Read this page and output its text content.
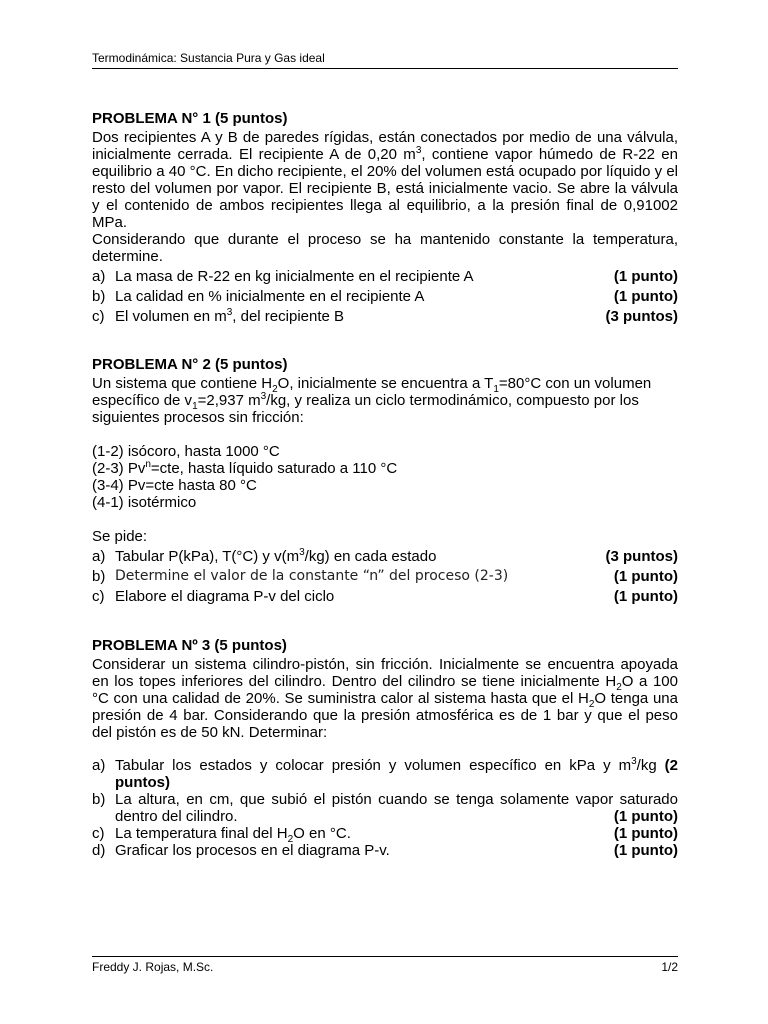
Termodinámica: Sustancia Pura y Gas ideal

PROBLEMA N° 1 (5 puntos)

Dos recipientes A y B de paredes rígidas, están conectados por medio de una válvula, inicialmente cerrada. El recipiente A de 0,20 $m^3$, contiene vapor húmedo de R-22 en equilibrio a 40 °C. En dicho recipiente, el 20% del volumen está ocupado por líquido y el resto del volumen por vapor. El recipiente B, está inicialmente vacio. Se abre la válvula y el contenido de ambos recipientes llega al equilibrio, a la presión final de 0,91002 MPa.

Considerando que durante el proceso se ha mantenido constante la temperatura, determine.

a) La masa de R-22 en kg inicialmente en el recipiente A	(1 punto)
b) La calidad en % inicialmente en el recipiente A	(1 punto)
c) El volumen en $m^3$, del recipiente B	(3 puntos)

PROBLEMA N° 2 (5 puntos)

Un sistema que contiene $H_2O$, inicialmente se encuentra a $T_1=80^\circ C$ con un volumen específico de $v_1=2,937$ $m^3/kg$, y realiza un ciclo termodinámico, compuesto por los siguientes procesos sin fricción:

(1-2) isócoro, hasta 1000 °C

(2-3) $Pv^n=cte$, hasta líquido saturado a 110 °C

(3-4) Pv=cte hasta 80 °C

(4-1) isotérmico

Se pide:

a) Tabular P(kPa), T(°C) y $v(m^3/kg)$ en cada estado	(3 puntos)
b) Determine el valor de la constante “n” del proceso (2-3)	(1 punto)
c) Elabore el diagrama P-v del ciclo	(1 punto)

PROBLEMA Nº 3 (5 puntos)

Considerar un sistema cilindro-pistón, sin fricción. Inicialmente se encuentra apoyada en los topes inferiores del cilindro. Dentro del cilindro se tiene inicialmente $H_2O$ a 100 °C con una calidad de 20%. Se suministra calor al sistema hasta que el $H_2O$ tenga una presión de 4 bar. Considerando que la presión atmosférica es de 1 bar y que el peso del pistón es de 50 kN. Determinar:

a) Tabular los estados y colocar presión y volumen específico en kPa y $m^3/kg$ (2 puntos)
b) La altura, en cm, que subió el pistón cuando se tenga solamente vapor saturado dentro del cilindro.	(1 punto)
c) La temperatura final del $H_2O$ en °C.	(1 punto)
d) Graficar los procesos en el diagrama P-v.	(1 punto)
Freddy J. Rojas, M.Sc.	1/2
